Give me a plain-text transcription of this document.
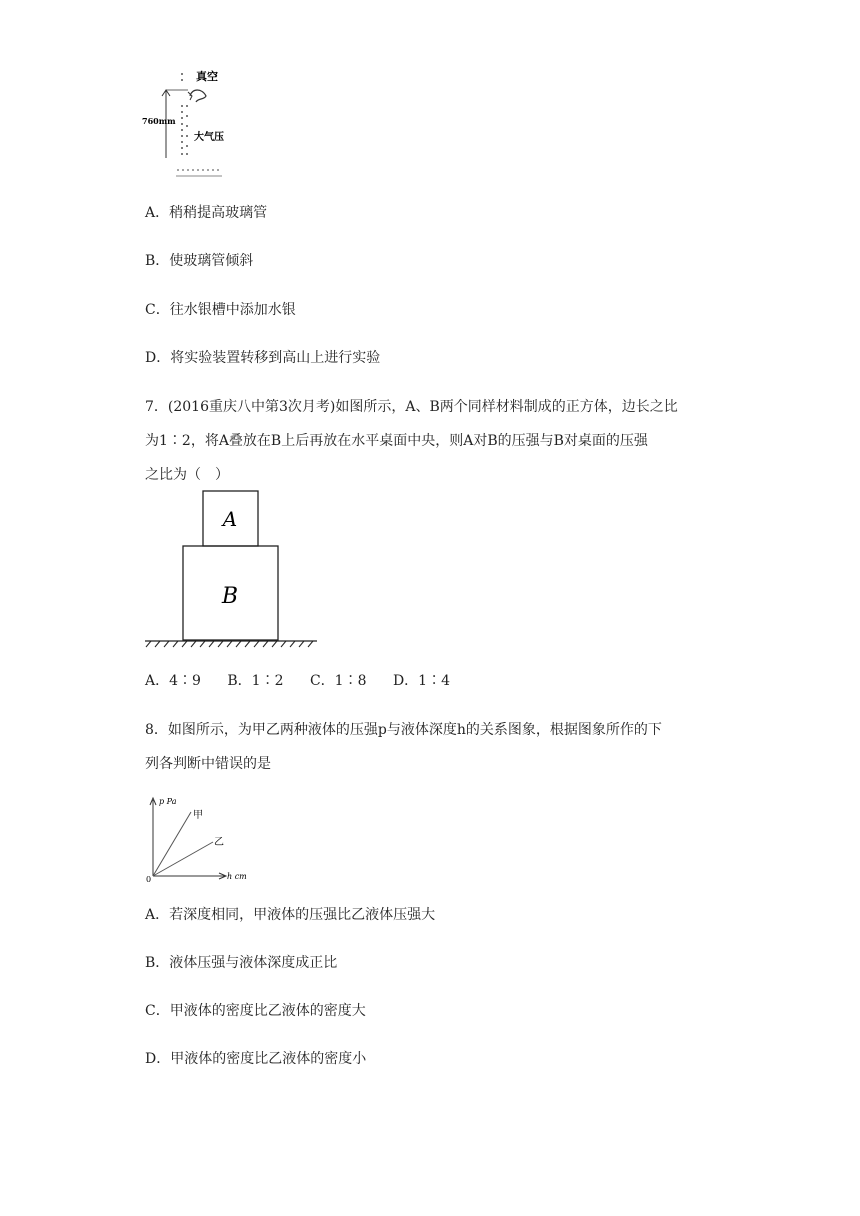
真空
760mm
大气压
A．稍稍提高玻璃管
B．使玻璃管倾斜
C．往水银槽中添加水银
D．将实验装置转移到高山上进行实验
7．(2016重庆八中第3次月考)如图所示，A、B两个同样材料制成的正方体，边长之比
为1∶2，将A叠放在B上后再放在水平桌面中央，则A对B的压强与B对桌面的压强
之比为（　）
A
B
A．4∶9 B．1∶2 C．1∶8 D．1∶4
8．如图所示，为甲乙两种液体的压强p与液体深度h的关系图象，根据图象所作的下
列各判断中错误的是
p Pa
h cm
0
甲
乙
A．若深度相同，甲液体的压强比乙液体压强大
B．液体压强与液体深度成正比
C．甲液体的密度比乙液体的密度大
D．甲液体的密度比乙液体的密度小
